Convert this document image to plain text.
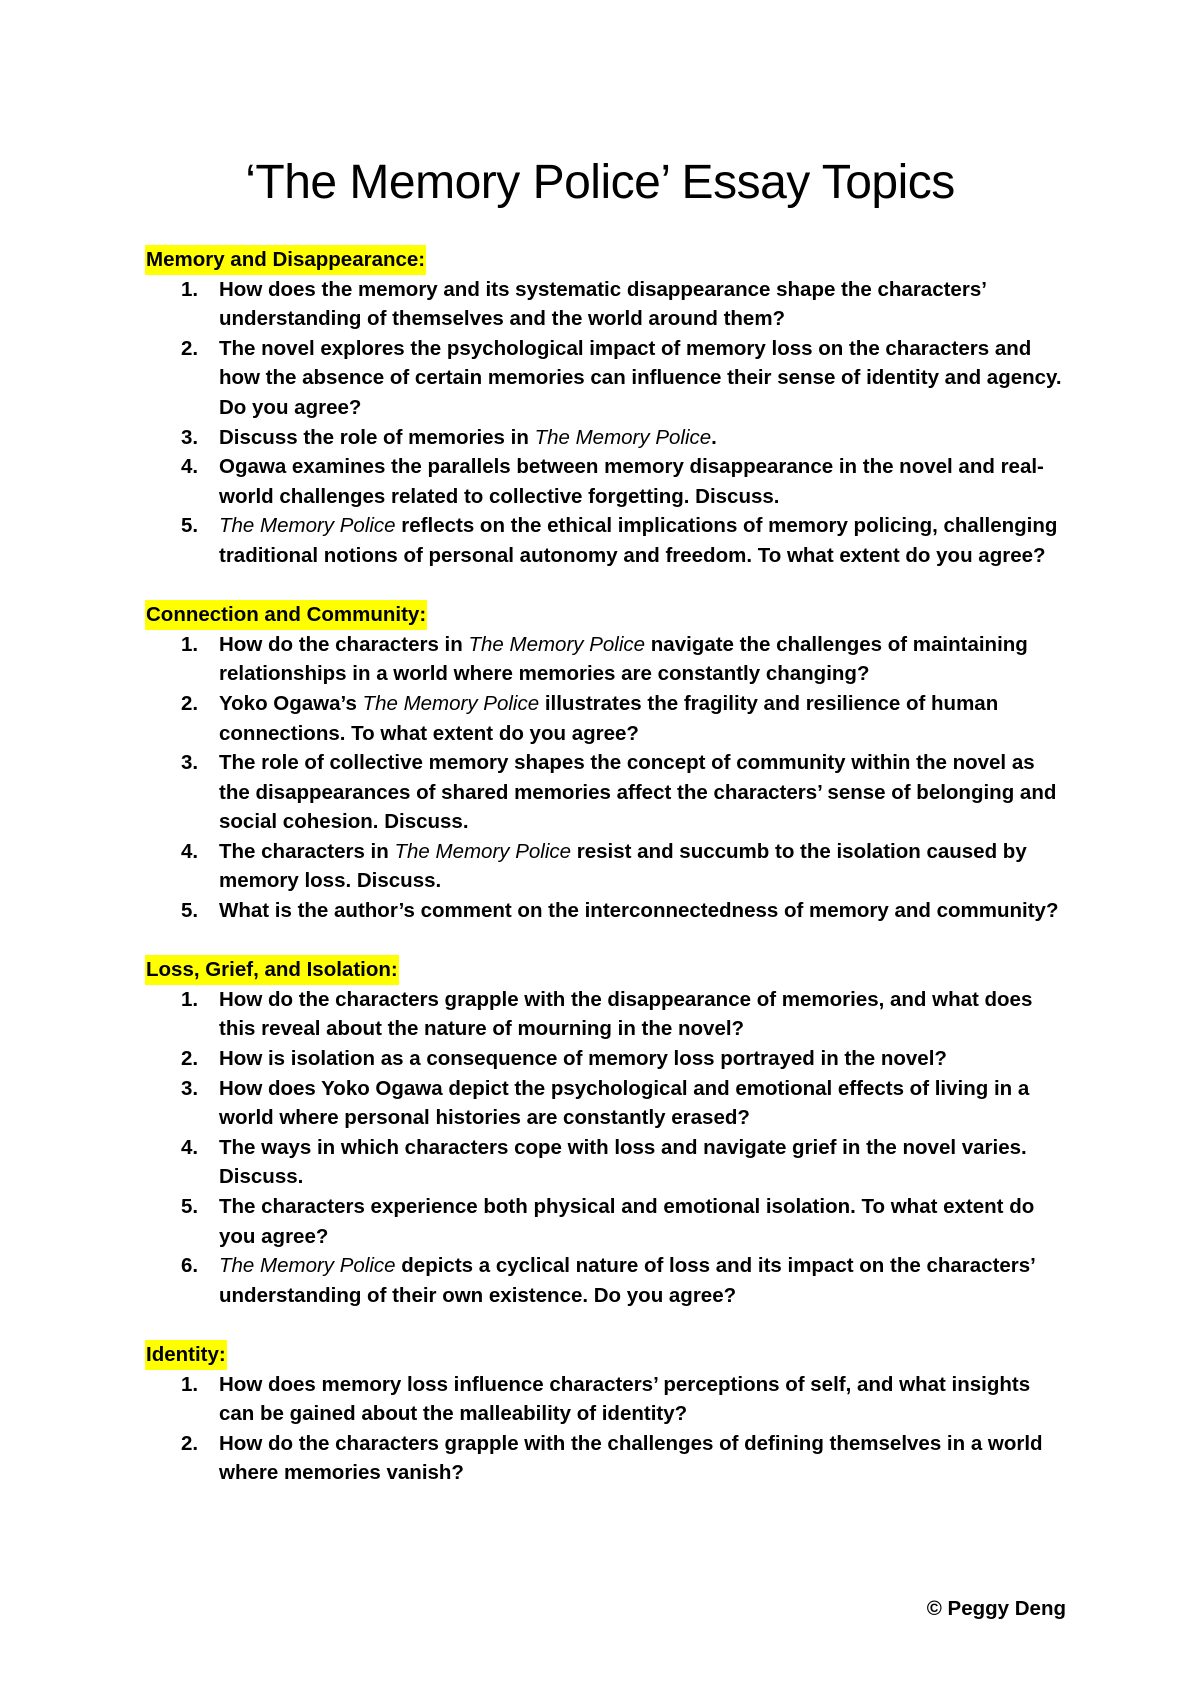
‘The Memory Police’ Essay Topics
Memory and Disappearance:
1. How does the memory and its systematic disappearance shape the characters’ understanding of themselves and the world around them?
2. The novel explores the psychological impact of memory loss on the characters and how the absence of certain memories can influence their sense of identity and agency. Do you agree?
3. Discuss the role of memories in The Memory Police.
4. Ogawa examines the parallels between memory disappearance in the novel and real-world challenges related to collective forgetting. Discuss.
5. The Memory Police reflects on the ethical implications of memory policing, challenging traditional notions of personal autonomy and freedom. To what extent do you agree?
Connection and Community:
1. How do the characters in The Memory Police navigate the challenges of maintaining relationships in a world where memories are constantly changing?
2. Yoko Ogawa’s The Memory Police illustrates the fragility and resilience of human connections. To what extent do you agree?
3. The role of collective memory shapes the concept of community within the novel as the disappearances of shared memories affect the characters’ sense of belonging and social cohesion. Discuss.
4. The characters in The Memory Police resist and succumb to the isolation caused by memory loss. Discuss.
5. What is the author’s comment on the interconnectedness of memory and community?
Loss, Grief, and Isolation:
1. How do the characters grapple with the disappearance of memories, and what does this reveal about the nature of mourning in the novel?
2. How is isolation as a consequence of memory loss portrayed in the novel?
3. How does Yoko Ogawa depict the psychological and emotional effects of living in a world where personal histories are constantly erased?
4. The ways in which characters cope with loss and navigate grief in the novel varies. Discuss.
5. The characters experience both physical and emotional isolation. To what extent do you agree?
6. The Memory Police depicts a cyclical nature of loss and its impact on the characters’ understanding of their own existence. Do you agree?
Identity:
1. How does memory loss influence characters’ perceptions of self, and what insights can be gained about the malleability of identity?
2. How do the characters grapple with the challenges of defining themselves in a world where memories vanish?
© Peggy Deng
